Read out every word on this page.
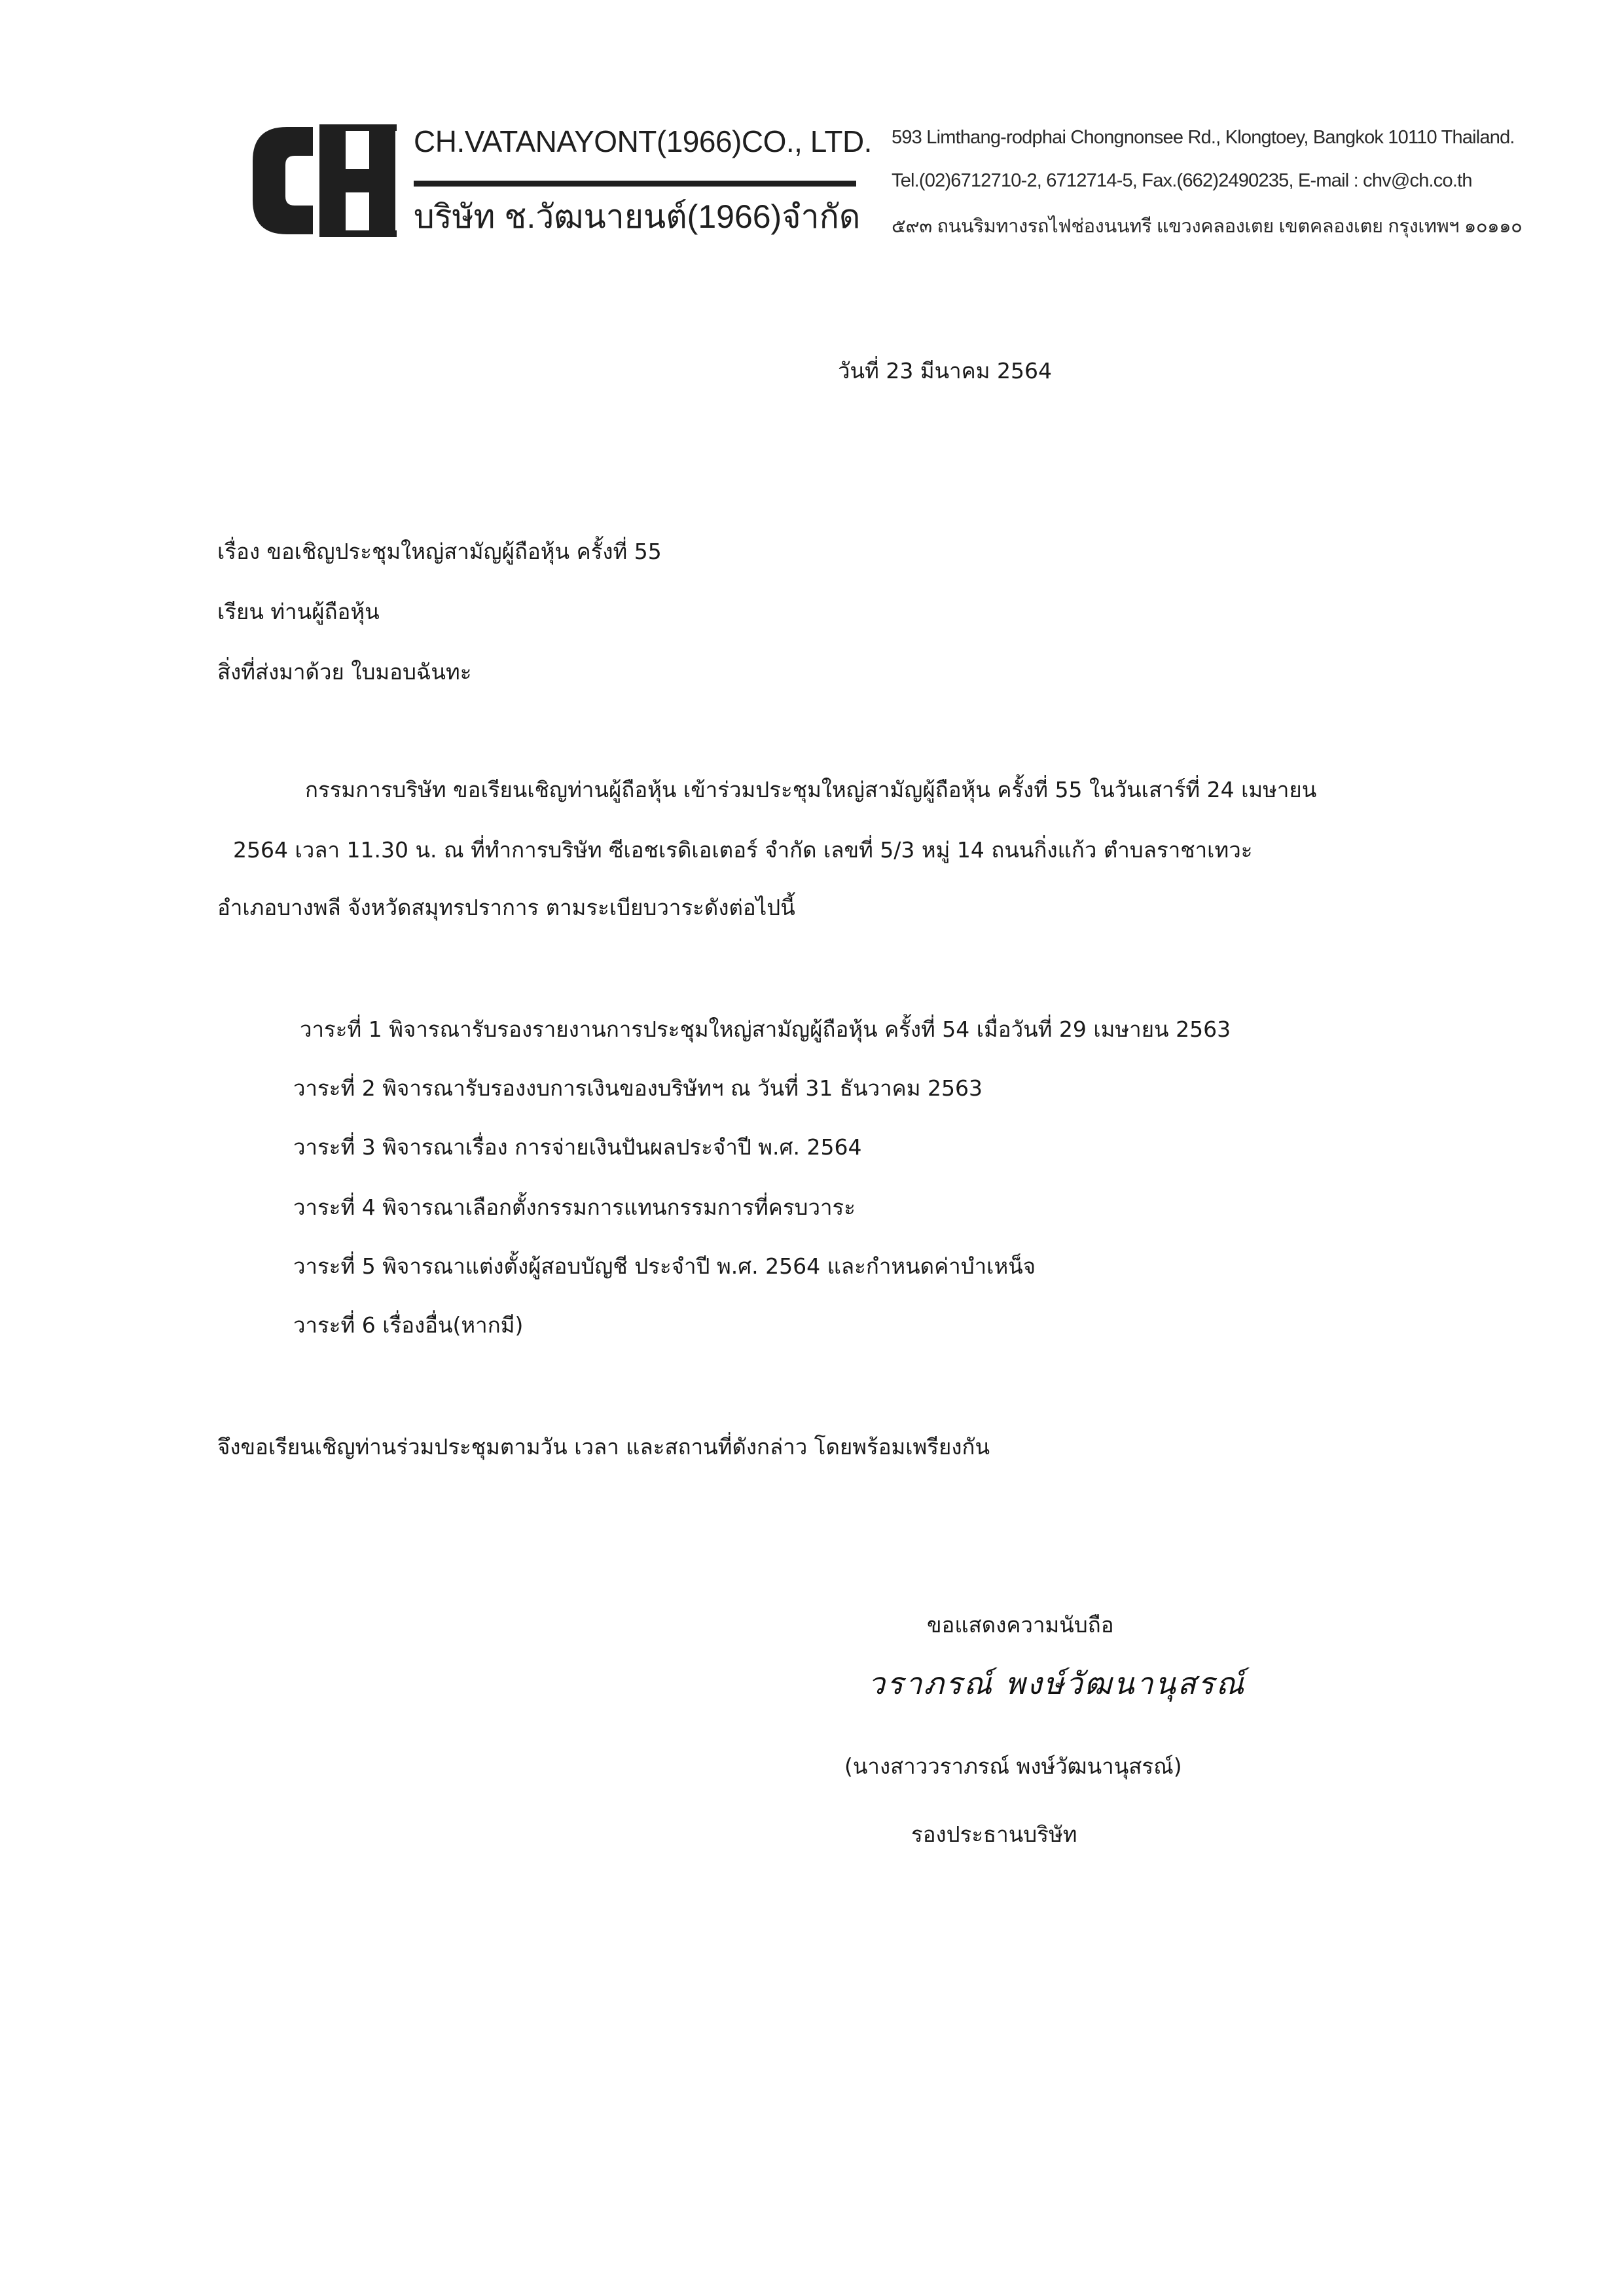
CH.VATANAYONT(1966)CO., LTD.
บริษัท ช.วัฒนายนต์(1966)จำกัด
593 Limthang-rodphai Chongnonsee Rd., Klongtoey, Bangkok 10110 Thailand.
Tel.(02)6712710-2, 6712714-5, Fax.(662)2490235, E-mail : chv@ch.co.th
๕๙๓ ถนนริมทางรถไฟช่องนนทรี แขวงคลองเตย เขตคลองเตย กรุงเทพฯ ๑๐๑๑๐
วันที่ 23 มีนาคม 2564
เรื่อง ขอเชิญประชุมใหญ่สามัญผู้ถือหุ้น ครั้งที่ 55
เรียน ท่านผู้ถือหุ้น
สิ่งที่ส่งมาด้วย ใบมอบฉันทะ
กรรมการบริษัท ขอเรียนเชิญท่านผู้ถือหุ้น เข้าร่วมประชุมใหญ่สามัญผู้ถือหุ้น ครั้งที่ 55 ในวันเสาร์ที่ 24 เมษายน
2564 เวลา 11.30 น. ณ ที่ทำการบริษัท ซีเอชเรดิเอเตอร์ จำกัด เลขที่ 5/3 หมู่ 14 ถนนกิ่งแก้ว ตำบลราชาเทวะ
อำเภอบางพลี จังหวัดสมุทรปราการ ตามระเบียบวาระดังต่อไปนี้
วาระที่ 1 พิจารณารับรองรายงานการประชุมใหญ่สามัญผู้ถือหุ้น ครั้งที่ 54 เมื่อวันที่ 29 เมษายน 2563
วาระที่ 2 พิจารณารับรองงบการเงินของบริษัทฯ ณ วันที่ 31 ธันวาคม 2563
วาระที่ 3 พิจารณาเรื่อง การจ่ายเงินปันผลประจำปี พ.ศ. 2564
วาระที่ 4 พิจารณาเลือกตั้งกรรมการแทนกรรมการที่ครบวาระ
วาระที่ 5 พิจารณาแต่งตั้งผู้สอบบัญชี ประจำปี พ.ศ. 2564 และกำหนดค่าบำเหน็จ
วาระที่ 6 เรื่องอื่น(หากมี)
จึงขอเรียนเชิญท่านร่วมประชุมตามวัน เวลา และสถานที่ดังกล่าว โดยพร้อมเพรียงกัน
ขอแสดงความนับถือ
วราภรณ์ พงษ์วัฒนานุสรณ์
(นางสาววราภรณ์ พงษ์วัฒนานุสรณ์)
รองประธานบริษัท
